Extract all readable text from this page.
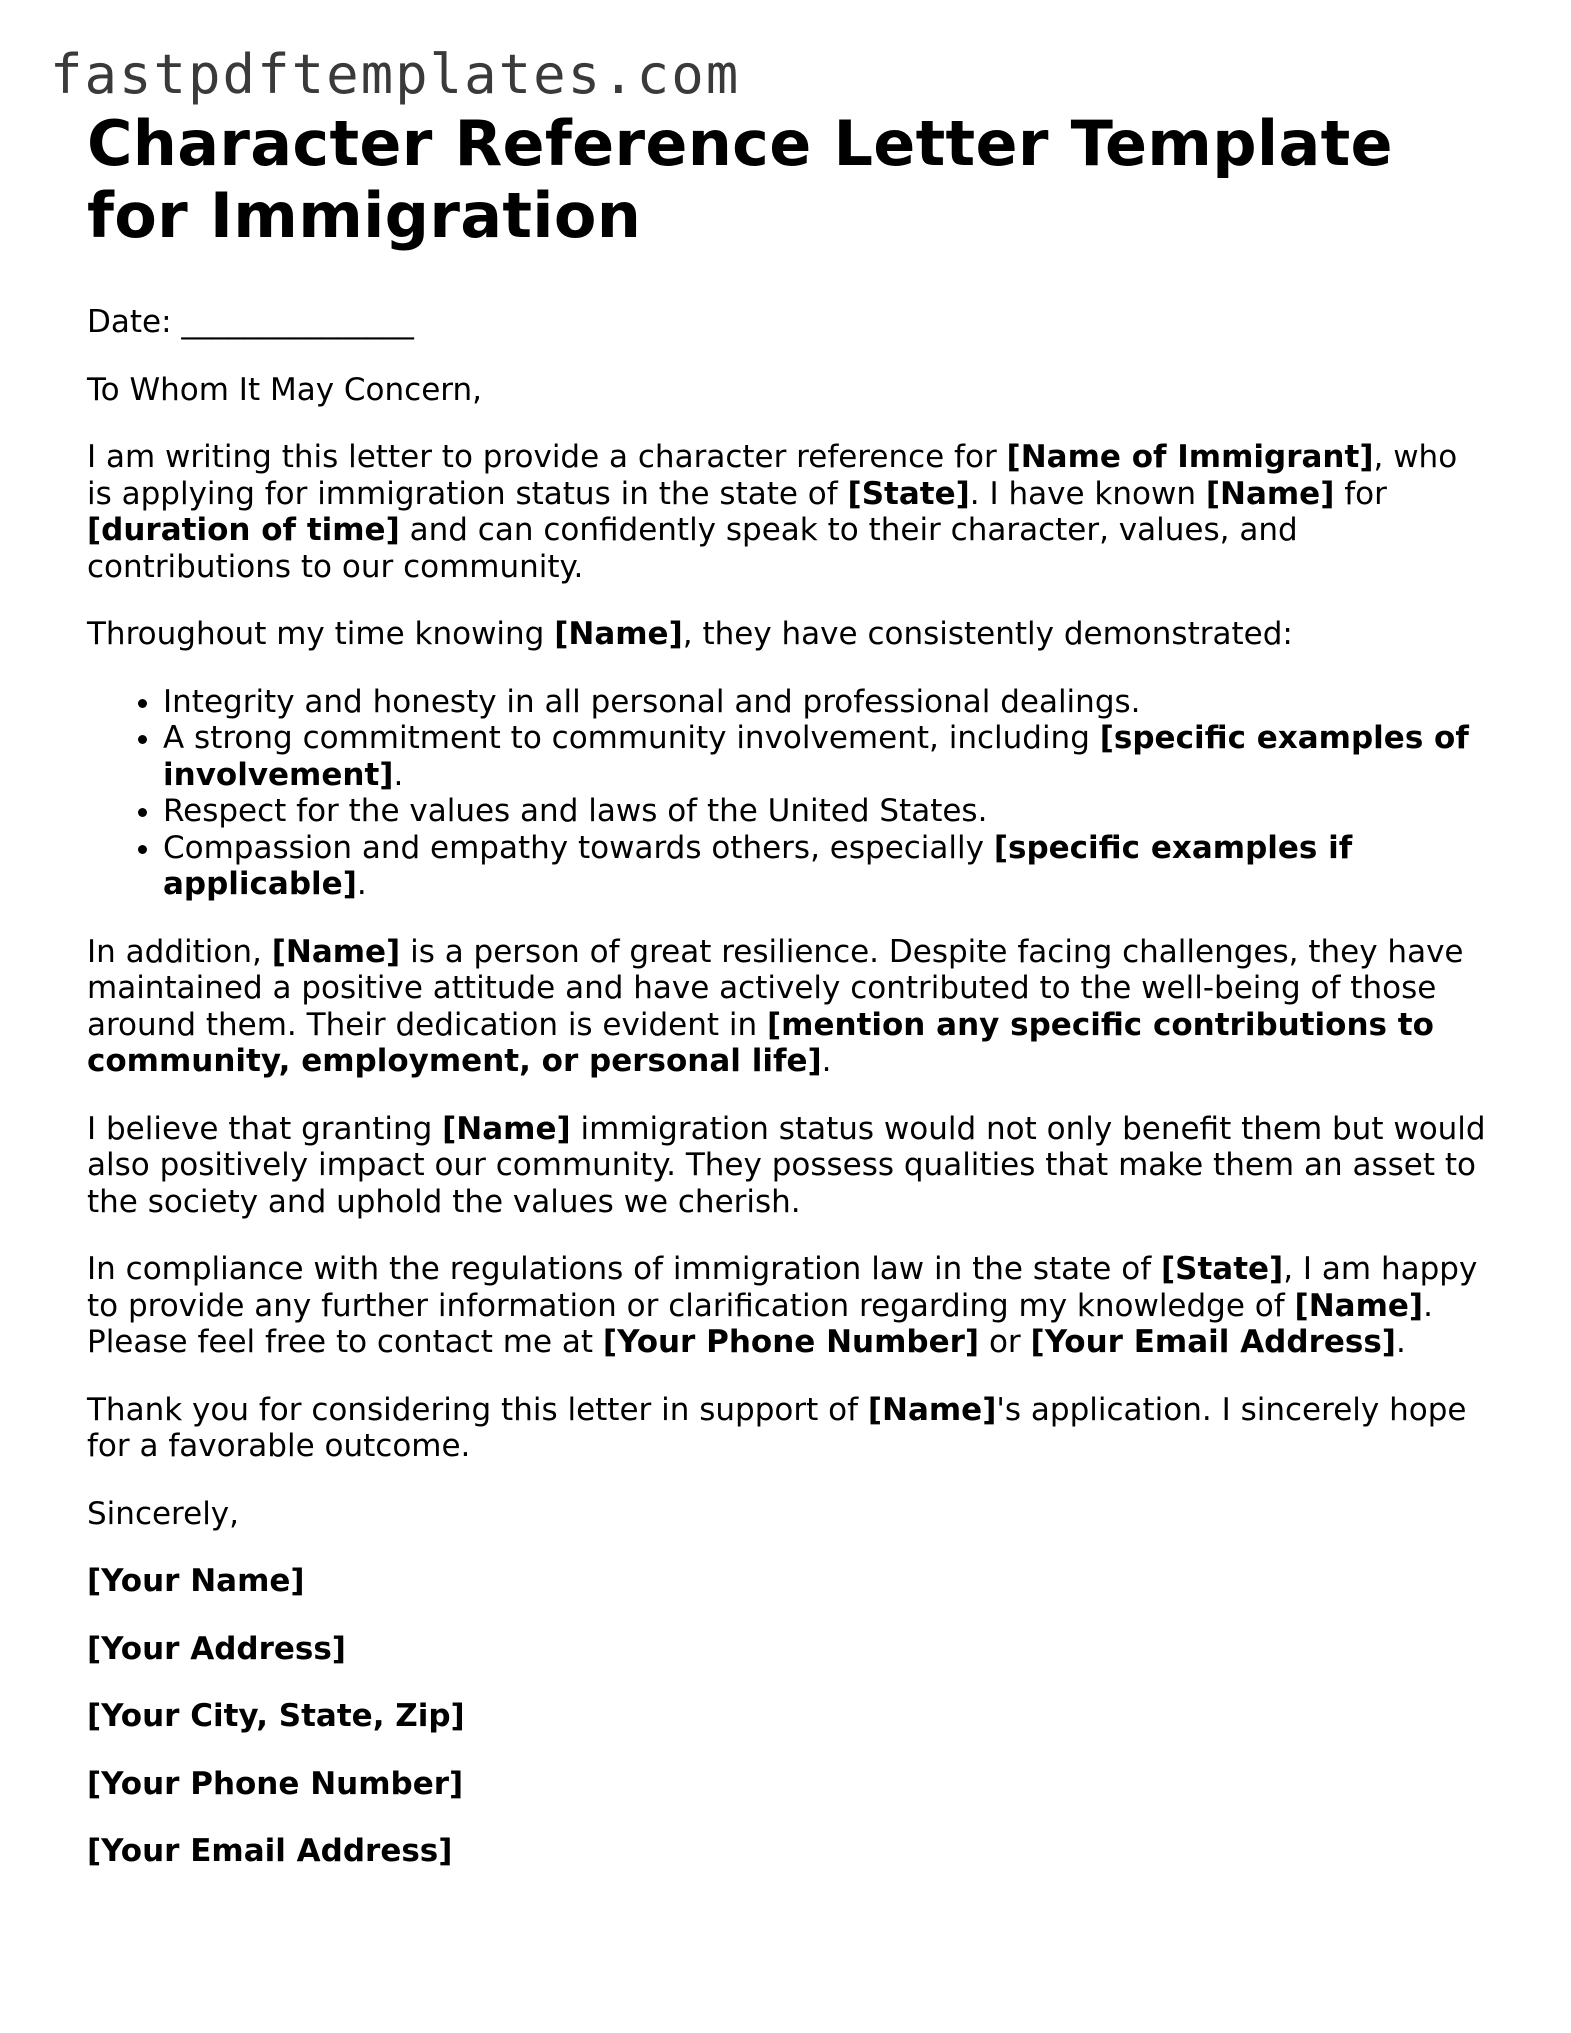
fastpdftemplates.com
Character Reference Letter Template for Immigration

Date: _______________

To Whom It May Concern,

I am writing this letter to provide a character reference for [Name of Immigrant], who is applying for immigration status in the state of [State]. I have known [Name] for [duration of time] and can confidently speak to their character, values, and contributions to our community.

Throughout my time knowing [Name], they have consistently demonstrated:

• Integrity and honesty in all personal and professional dealings.
• A strong commitment to community involvement, including [specific examples of involvement].
• Respect for the values and laws of the United States.
• Compassion and empathy towards others, especially [specific examples if applicable].

In addition, [Name] is a person of great resilience. Despite facing challenges, they have maintained a positive attitude and have actively contributed to the well-being of those around them. Their dedication is evident in [mention any specific contributions to community, employment, or personal life].

I believe that granting [Name] immigration status would not only benefit them but would also positively impact our community. They possess qualities that make them an asset to the society and uphold the values we cherish.

In compliance with the regulations of immigration law in the state of [State], I am happy to provide any further information or clarification regarding my knowledge of [Name]. Please feel free to contact me at [Your Phone Number] or [Your Email Address].

Thank you for considering this letter in support of [Name]'s application. I sincerely hope for a favorable outcome.

Sincerely,

[Your Name]

[Your Address]

[Your City, State, Zip]

[Your Phone Number]

[Your Email Address]
